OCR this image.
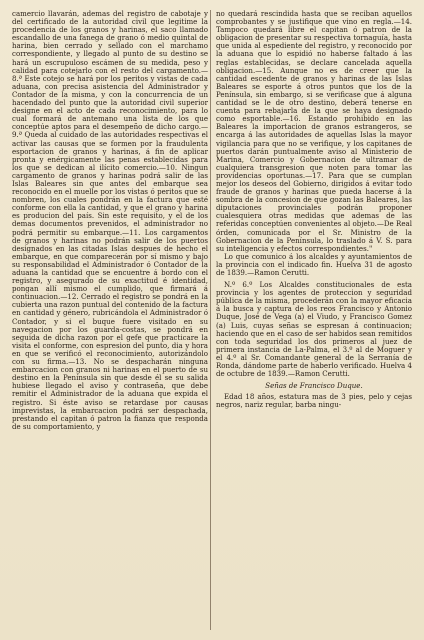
camercio llavarán, ademas del registro de cabotaje y del certificado de la autoridad civil que legitime la procedencia de los granos y harinas, el saco llamado escandallo de una fanega de grano ó medio quintal de harina, bien cerrado y sellado con el marchamo correspondiente, y llegado al punto de su destino se hará un escrupuloso escámen de su medida, peso y calidad para cotejarlo con el resto del cargamento.—8.ª Este cotejo se hará por los peritos y vistas de cada aduana, con precisa asistencia del Administrador y Contador de la misma, y con la concurrencia de un hacendado del punto que la autoridad civil superior designe en el acto de cada reconocimiento, para lo cual formará de antemano una lista de los que conceptúe aptos para el desempeño de dicho cargo.—9.ª Queda al cuidado de las autoridades respectivas el activar las causas que se formen por la fraudulenta esportacion de granos y harinas, á fin de aplicar pronta y enérgicamente las penas establecidas para los que se dedican al ilícito comercio.—10. Ningun cargamento de granos y harinas podrá salir de las Islas Baleares sin que antes del embarque sea reconocido en el muelle por los vistas ó peritos que se nombren, los cuales pondrán en la factura que esté conforme con ella la cantidad, y que el grano y harina es producion del país. Sin este requisito, y el de los demas documentos prevenidos, el administrador no podrá permitir su embarque.—11. Los cargamentos de granos y harinas no podrán salir de los puertos designados en las citadas Islas despues de hecho el embarque, en que comparecerán por sí mismo y bajo su responsabilidad el Administrador ó Contador de la aduana la cantidad que se encuentre á bordo con el registro, y asegurado de su exactitud é identidad, pongan allí mismo el cumplido, que firmará á continuacion.—12. Cerrado el registro se pondrá en la cubierta una razon puntual del contenido de la factura en cantidad y género, rubricándola el Administrador ó Contador, y si el buque fuere visitado en su navegacion por los guarda-costas, se pondrá en seguida de dicha razon por el gefe que practicare la visita el conforme, con espresion del punto, dia y hora en que se verificó el reconocimiento, autorizándolo con su firma.—13. No se despacharán ninguna embarcacion con granos ni harinas en el puerto de su destino en la Península sin que desde él se su salida hubiese llegado el aviso y contraseña, que debe remitir el Administrador de la aduana que expida el registro. Si éste aviso se retardase por causas imprevistas, la embarcacion podrá ser despachada, prestando el capitan ó patron la fianza que responda de su comportamiento, y

no quedará rescindida hasta que se reciban aquellos comprobantes y se justifique que vino en regla.—14. Tampoco quedará libre el capitan ó patron de la obligacion de presentar su respectiva tornaguía, hasta que unida al espediente del registro, y reconocido por la aduana que lo espidió no haberse faltado á las reglas establecidas, se declare cancelada aquella obligacion.—15. Aunque no es de creer que la cantidad escedente de granos y harinas de las Islas Baleares se esporte á otros puntos que los de la Península, sin embargo, si se verificase que á alguna cantidad se le de otro destino, deberá tenerse en cuenta para rebajarla de la que se haya designado como esportable.—16. Estando prohibido en las Baleares la importacion de granos estrangeros, se encarga á las autoridades de aquellas Islas la mayor vigilancia para que no se verifique, y los capitanes de puertos darán puntualmente aviso al Ministerio de Marina, Comercio y Gobernacion de ultramar de cualquiera transgresion que noten para tomar las providencias oportunas.—17. Para que se cumplan mejor los deseos del Gobierno, dirigidos á evitar todo fraude de granos y harinas que pueda hacerse á la sombra de la concesion de que gozan las Baleares, las diputaciones provinciales podrán proponer cualesquiera otras medidas que ademas de las referidas conceptúen convenientes al objeto.—De Real órden, comunicada por el Sr. Ministro de la Gobernacion de la Península, lo traslado á V. S. para su inteligencia y efectos correspondientes."

Lo que comunico á los alcaldes y ayuntamientos de la provincia con el indicado fin. Huelva 31 de agosto de 1839.—Ramon Cerutti.

N.º 6.º Los Alcaldes constitucionales de esta provincia y los agentes de proteccion y seguridad pública de la misma, procederán con la mayor eficacia á la busca y captura de los reos Francisco y Antonio Duque, José de Vega (a) el Viudo, y Francisco Gomez (a) Luis, cuyas señas se espresan á continuacion; haciendo que en el caso de ser habidos sean remitidos con toda seguridad los dos primeros al juez de primera instancia de La-Palma, el 3.º al de Moguer y el 4.º al Sr. Comandante general de la Serranía de Ronda, dándome parte de haberlo verificado. Huelva 4 de octubre de 1839.—Ramon Cerutti.

Señas de Francisco Duque.

Edad 18 años, estatura mas de 3 pies, pelo y cejas negros, nariz regular, barba ningu-
